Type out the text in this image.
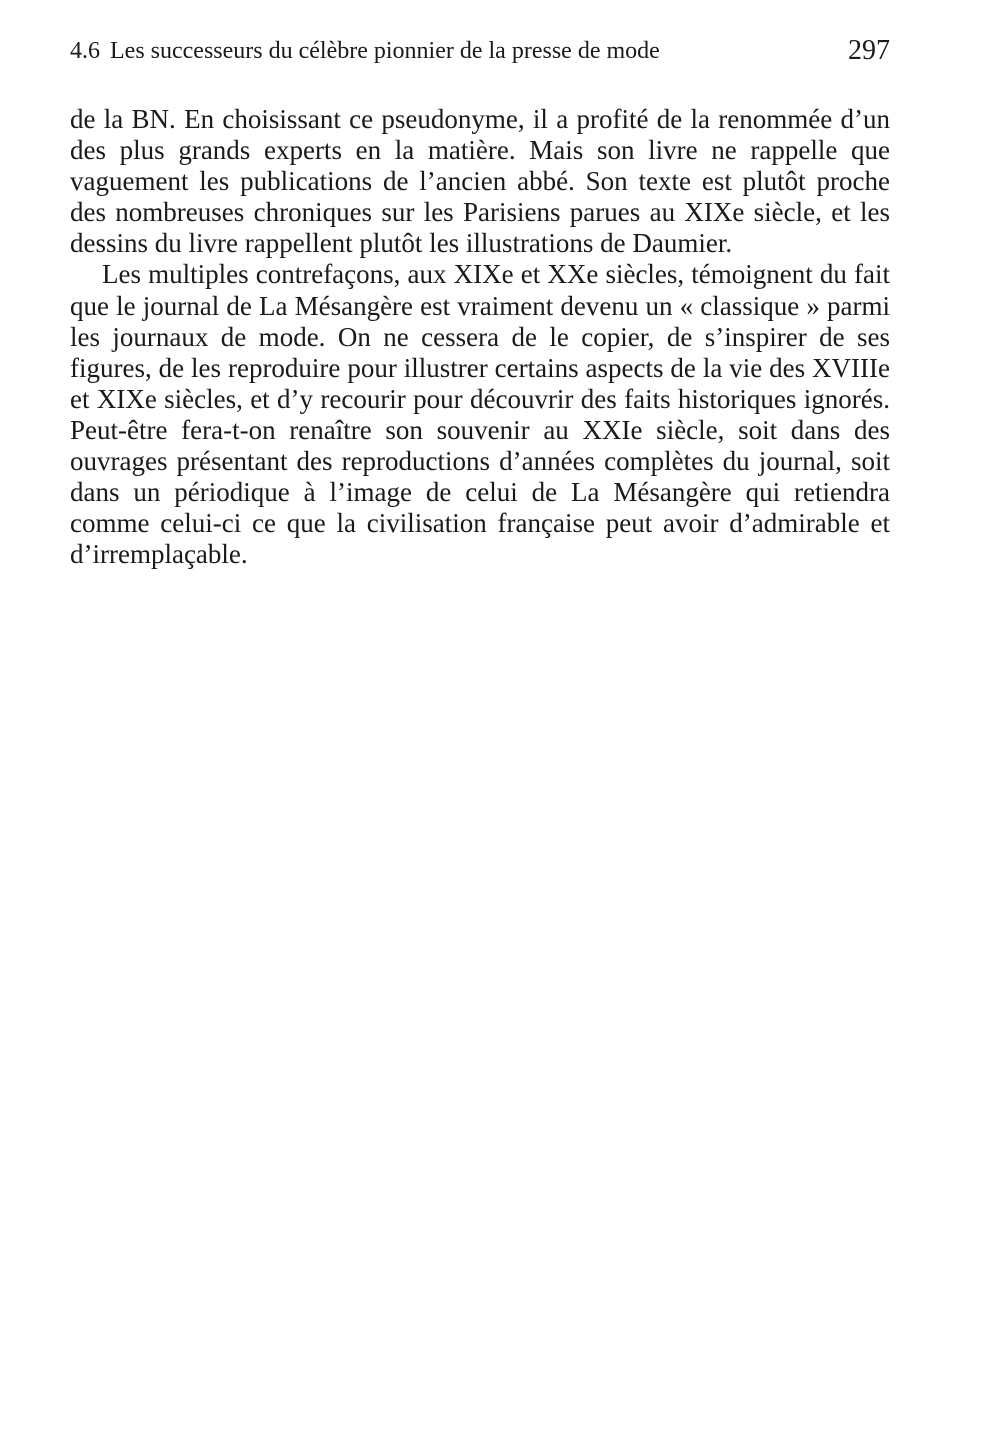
4.6 Les successeurs du célèbre pionnier de la presse de mode	297

de la BN. En choisissant ce pseudonyme, il a profité de la renommée d’un des plus grands experts en la matière. Mais son livre ne rappelle que vaguement les publications de l’ancien abbé. Son texte est plutôt proche des nombreuses chroniques sur les Parisiens parues au XIXe siècle, et les dessins du livre rappellent plutôt les illustrations de Daumier.

Les multiples contrefaçons, aux XIXe et XXe siècles, témoignent du fait que le journal de La Mésangère est vraiment devenu un « classique » parmi les journaux de mode. On ne cessera de le copier, de s’inspirer de ses figures, de les reproduire pour illustrer certains aspects de la vie des XVIIIe et XIXe siècles, et d’y recourir pour découvrir des faits historiques ignorés. Peut-être fera-t-on renaître son souvenir au XXIe siècle, soit dans des ouvrages présentant des reproductions d’années complètes du journal, soit dans un périodique à l’image de celui de La Mésangère qui retiendra comme celui-ci ce que la civilisation française peut avoir d’admirable et d’irremplaçable.
